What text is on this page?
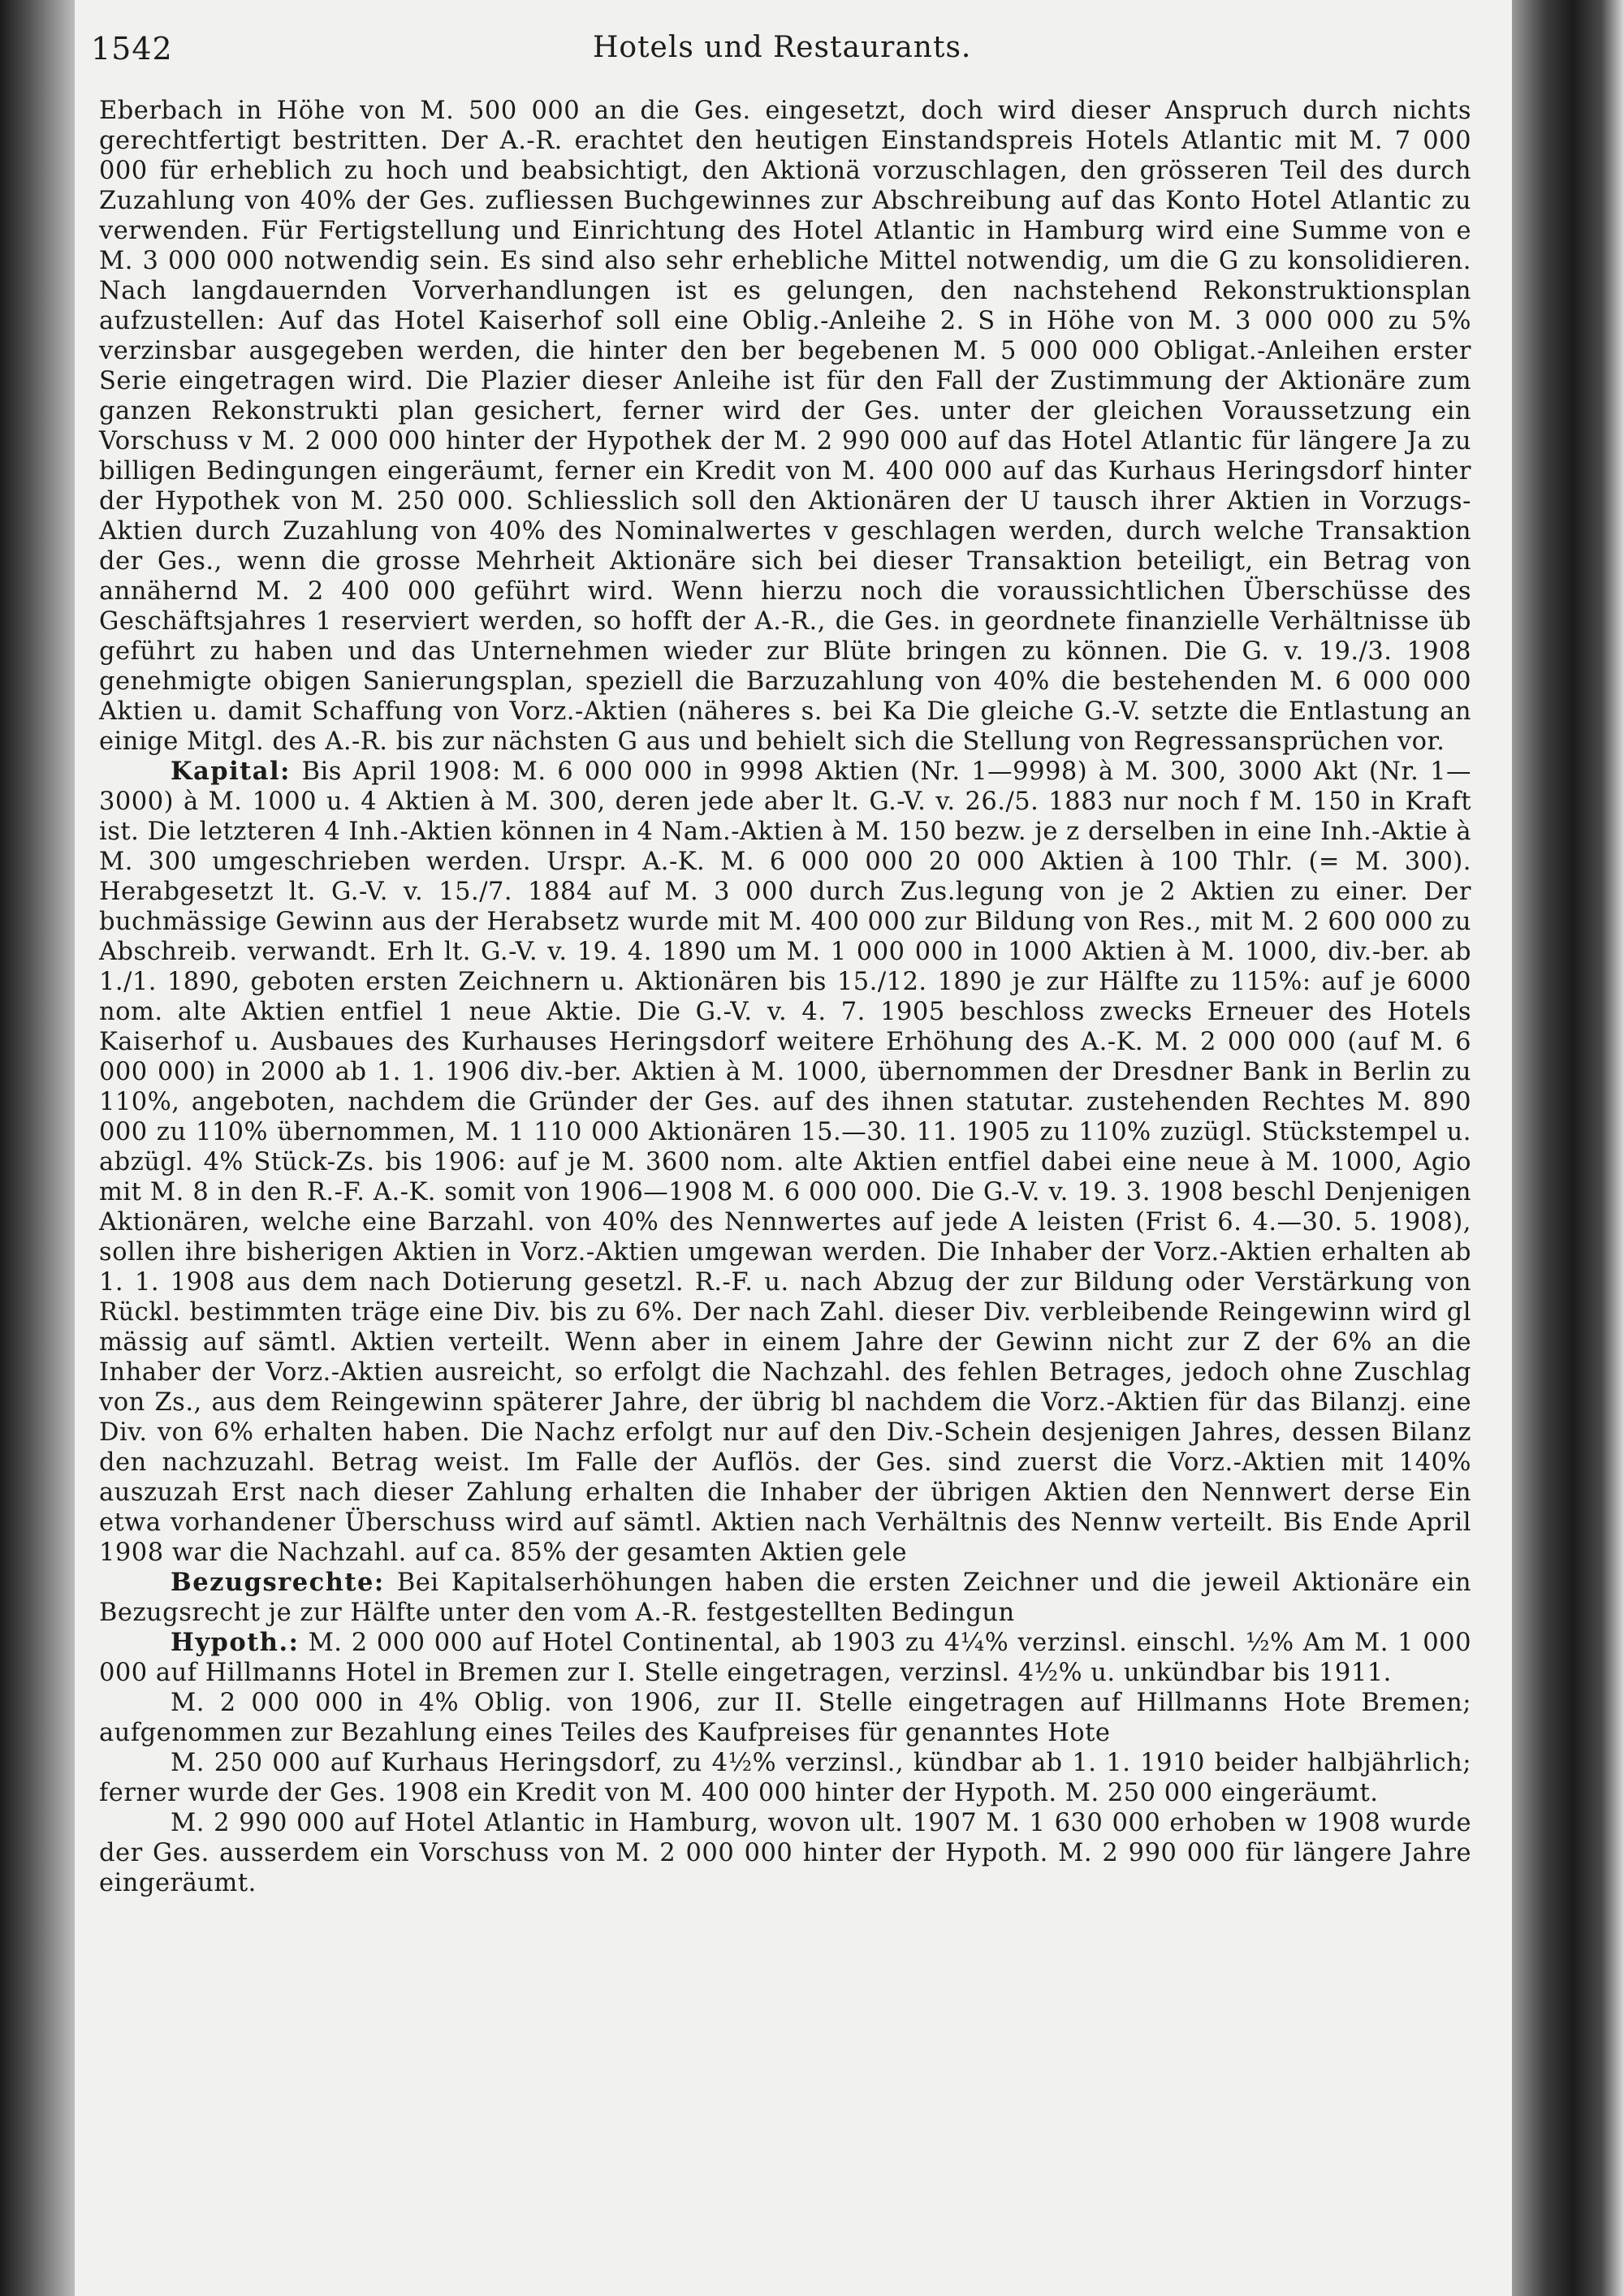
1542	Hotels und Restaurants.

Eberbach in Höhe von M. 500 000 an die Ges. eingesetzt, doch wird dieser Anspruch durch nichts gerechtfertigt bestritten. Der A.-R. erachtet den heutigen Einstandspreis Hotels Atlantic mit M. 7 000 000 für erheblich zu hoch und beabsichtigt, den Aktionä vorzuschlagen, den grösseren Teil des durch Zuzahlung von 40% der Ges. zufliessen Buchgewinnes zur Abschreibung auf das Konto Hotel Atlantic zu verwenden. Für Fertigstellung und Einrichtung des Hotel Atlantic in Hamburg wird eine Summe von e M. 3 000 000 notwendig sein. Es sind also sehr erhebliche Mittel notwendig, um die G zu konsolidieren. Nach langdauernden Vorverhandlungen ist es gelungen, den nachstehend Rekonstruktionsplan aufzustellen: Auf das Hotel Kaiserhof soll eine Oblig.-Anleihe 2. S in Höhe von M. 3 000 000 zu 5% verzinsbar ausgegeben werden, die hinter den ber begebenen M. 5 000 000 Obligat.-Anleihen erster Serie eingetragen wird. Die Plazier dieser Anleihe ist für den Fall der Zustimmung der Aktionäre zum ganzen Rekonstrukti plan gesichert, ferner wird der Ges. unter der gleichen Voraussetzung ein Vorschuss v M. 2 000 000 hinter der Hypothek der M. 2 990 000 auf das Hotel Atlantic für längere Ja zu billigen Bedingungen eingeräumt, ferner ein Kredit von M. 400 000 auf das Kurhaus Heringsdorf hinter der Hypothek von M. 250 000. Schliesslich soll den Aktionären der U tausch ihrer Aktien in Vorzugs-Aktien durch Zuzahlung von 40% des Nominalwertes v geschlagen werden, durch welche Transaktion der Ges., wenn die grosse Mehrheit Aktionäre sich bei dieser Transaktion beteiligt, ein Betrag von annähernd M. 2 400 000 geführt wird. Wenn hierzu noch die voraussichtlichen Überschüsse des Geschäftsjahres 1 reserviert werden, so hofft der A.-R., die Ges. in geordnete finanzielle Verhältnisse üb geführt zu haben und das Unternehmen wieder zur Blüte bringen zu können. Die G. v. 19./3. 1908 genehmigte obigen Sanierungsplan, speziell die Barzuzahlung von 40% die bestehenden M. 6 000 000 Aktien u. damit Schaffung von Vorz.-Aktien (näheres s. bei Ka Die gleiche G.-V. setzte die Entlastung an einige Mitgl. des A.-R. bis zur nächsten G aus und behielt sich die Stellung von Regressansprüchen vor.

Kapital: Bis April 1908: M. 6 000 000 in 9998 Aktien (Nr. 1—9998) à M. 300, 3000 Akt (Nr. 1—3000) à M. 1000 u. 4 Aktien à M. 300, deren jede aber lt. G.-V. v. 26./5. 1883 nur noch f M. 150 in Kraft ist. Die letzteren 4 Inh.-Aktien können in 4 Nam.-Aktien à M. 150 bezw. je z derselben in eine Inh.-Aktie à M. 300 umgeschrieben werden. Urspr. A.-K. M. 6 000 000 20 000 Aktien à 100 Thlr. (= M. 300). Herabgesetzt lt. G.-V. v. 15./7. 1884 auf M. 3 000 durch Zus.legung von je 2 Aktien zu einer. Der buchmässige Gewinn aus der Herabsetz wurde mit M. 400 000 zur Bildung von Res., mit M. 2 600 000 zu Abschreib. verwandt. Erh lt. G.-V. v. 19. 4. 1890 um M. 1 000 000 in 1000 Aktien à M. 1000, div.-ber. ab 1./1. 1890, geboten ersten Zeichnern u. Aktionären bis 15./12. 1890 je zur Hälfte zu 115%: auf je 6000 nom. alte Aktien entfiel 1 neue Aktie. Die G.-V. v. 4. 7. 1905 beschloss zwecks Erneuer des Hotels Kaiserhof u. Ausbaues des Kurhauses Heringsdorf weitere Erhöhung des A.-K. M. 2 000 000 (auf M. 6 000 000) in 2000 ab 1. 1. 1906 div.-ber. Aktien à M. 1000, übernommen der Dresdner Bank in Berlin zu 110%, angeboten, nachdem die Gründer der Ges. auf des ihnen statutar. zustehenden Rechtes M. 890 000 zu 110% übernommen, M. 1 110 000 Aktionären 15.—30. 11. 1905 zu 110% zuzügl. Stückstempel u. abzügl. 4% Stück-Zs. bis 1906: auf je M. 3600 nom. alte Aktien entfiel dabei eine neue à M. 1000, Agio mit M. 8 in den R.-F. A.-K. somit von 1906—1908 M. 6 000 000. Die G.-V. v. 19. 3. 1908 beschl Denjenigen Aktionären, welche eine Barzahl. von 40% des Nennwertes auf jede A leisten (Frist 6. 4.—30. 5. 1908), sollen ihre bisherigen Aktien in Vorz.-Aktien umgewan werden. Die Inhaber der Vorz.-Aktien erhalten ab 1. 1. 1908 aus dem nach Dotierung gesetzl. R.-F. u. nach Abzug der zur Bildung oder Verstärkung von Rückl. bestimmten träge eine Div. bis zu 6%. Der nach Zahl. dieser Div. verbleibende Reingewinn wird gl mässig auf sämtl. Aktien verteilt. Wenn aber in einem Jahre der Gewinn nicht zur Z der 6% an die Inhaber der Vorz.-Aktien ausreicht, so erfolgt die Nachzahl. des fehlen Betrages, jedoch ohne Zuschlag von Zs., aus dem Reingewinn späterer Jahre, der übrig bl nachdem die Vorz.-Aktien für das Bilanzj. eine Div. von 6% erhalten haben. Die Nachz erfolgt nur auf den Div.-Schein desjenigen Jahres, dessen Bilanz den nachzuzahl. Betrag weist. Im Falle der Auflös. der Ges. sind zuerst die Vorz.-Aktien mit 140% auszuzah Erst nach dieser Zahlung erhalten die Inhaber der übrigen Aktien den Nennwert derse Ein etwa vorhandener Überschuss wird auf sämtl. Aktien nach Verhältnis des Nennw verteilt. Bis Ende April 1908 war die Nachzahl. auf ca. 85% der gesamten Aktien gele

Bezugsrechte: Bei Kapitalserhöhungen haben die ersten Zeichner und die jeweil Aktionäre ein Bezugsrecht je zur Hälfte unter den vom A.-R. festgestellten Bedingun

Hypoth.: M. 2 000 000 auf Hotel Continental, ab 1903 zu 4¼% verzinsl. einschl. ½% Am M. 1 000 000 auf Hillmanns Hotel in Bremen zur I. Stelle eingetragen, verzinsl. 4½% u. unkündbar bis 1911.

M. 2 000 000 in 4% Oblig. von 1906, zur II. Stelle eingetragen auf Hillmanns Hote Bremen; aufgenommen zur Bezahlung eines Teiles des Kaufpreises für genanntes Hote

M. 250 000 auf Kurhaus Heringsdorf, zu 4½% verzinsl., kündbar ab 1. 1. 1910 beider halbjährlich; ferner wurde der Ges. 1908 ein Kredit von M. 400 000 hinter der Hypoth. M. 250 000 eingeräumt.

M. 2 990 000 auf Hotel Atlantic in Hamburg, wovon ult. 1907 M. 1 630 000 erhoben w 1908 wurde der Ges. ausserdem ein Vorschuss von M. 2 000 000 hinter der Hypoth. M. 2 990 000 für längere Jahre eingeräumt.
